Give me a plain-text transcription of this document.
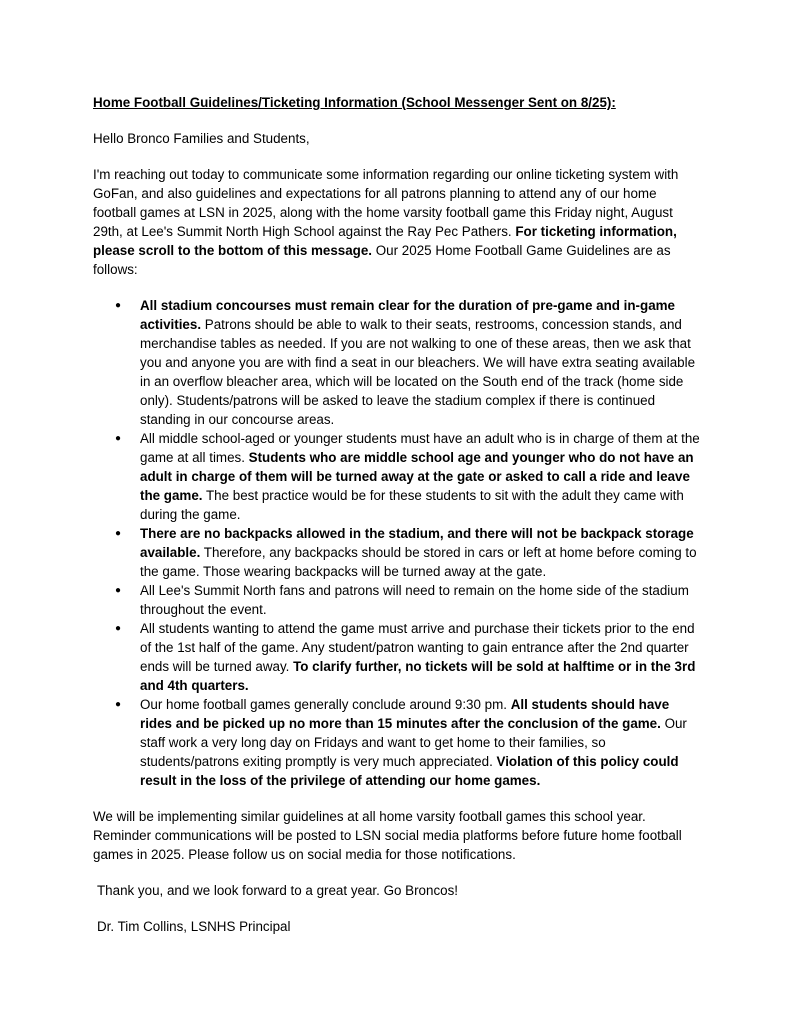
Home Football Guidelines/Ticketing Information (School Messenger Sent on 8/25):

Hello Bronco Families and Students,

I'm reaching out today to communicate some information regarding our online ticketing system with GoFan, and also guidelines and expectations for all patrons planning to attend any of our home football games at LSN in 2025, along with the home varsity football game this Friday night, August 29th, at Lee's Summit North High School against the Ray Pec Pathers. For ticketing information, please scroll to the bottom of this message. Our 2025 Home Football Game Guidelines are as follows:

● All stadium concourses must remain clear for the duration of pre-game and in-game activities. Patrons should be able to walk to their seats, restrooms, concession stands, and merchandise tables as needed. If you are not walking to one of these areas, then we ask that you and anyone you are with find a seat in our bleachers. We will have extra seating available in an overflow bleacher area, which will be located on the South end of the track (home side only). Students/patrons will be asked to leave the stadium complex if there is continued standing in our concourse areas.
● All middle school-aged or younger students must have an adult who is in charge of them at the game at all times. Students who are middle school age and younger who do not have an adult in charge of them will be turned away at the gate or asked to call a ride and leave the game. The best practice would be for these students to sit with the adult they came with during the game.
● There are no backpacks allowed in the stadium, and there will not be backpack storage available. Therefore, any backpacks should be stored in cars or left at home before coming to the game. Those wearing backpacks will be turned away at the gate.
● All Lee's Summit North fans and patrons will need to remain on the home side of the stadium throughout the event.
● All students wanting to attend the game must arrive and purchase their tickets prior to the end of the 1st half of the game. Any student/patron wanting to gain entrance after the 2nd quarter ends will be turned away. To clarify further, no tickets will be sold at halftime or in the 3rd and 4th quarters.
● Our home football games generally conclude around 9:30 pm. All students should have rides and be picked up no more than 15 minutes after the conclusion of the game. Our staff work a very long day on Fridays and want to get home to their families, so students/patrons exiting promptly is very much appreciated. Violation of this policy could result in the loss of the privilege of attending our home games.

We will be implementing similar guidelines at all home varsity football games this school year. Reminder communications will be posted to LSN social media platforms before future home football games in 2025. Please follow us on social media for those notifications.

Thank you, and we look forward to a great year. Go Broncos!

Dr. Tim Collins, LSNHS Principal
